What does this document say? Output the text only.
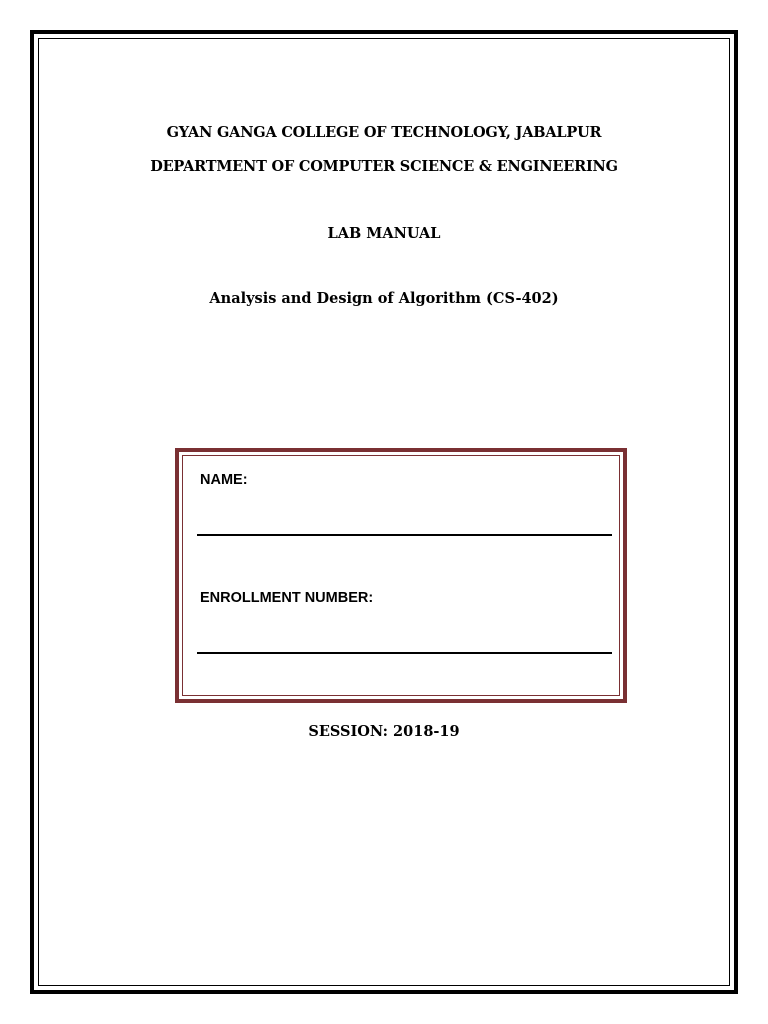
GYAN GANGA COLLEGE OF TECHNOLOGY, JABALPUR
DEPARTMENT OF COMPUTER SCIENCE & ENGINEERING
LAB MANUAL
Analysis and Design of Algorithm (CS-402)
NAME:
ENROLLMENT NUMBER:
SESSION: 2018-19
